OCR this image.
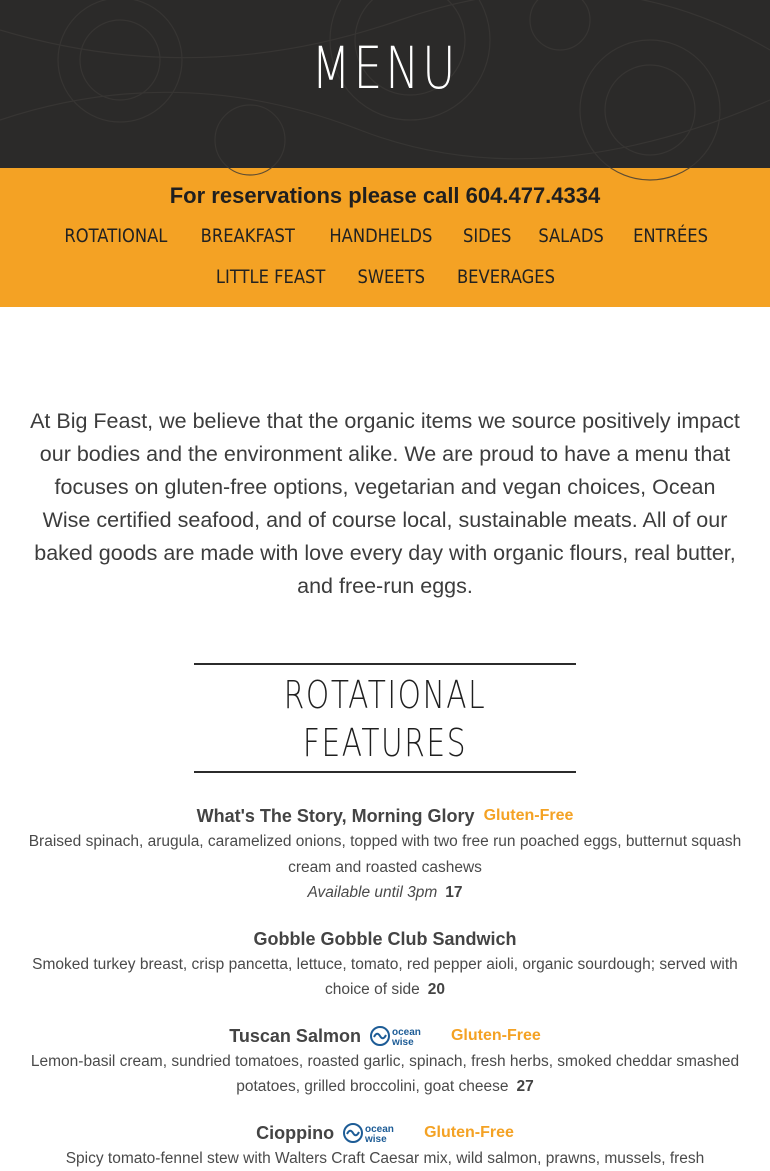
MENU
For reservations please call 604.477.4334
ROTATIONAL	BREAKFAST	HANDHELDS	SIDES	SALADS	ENTRÉES
LITTLE FEAST	SWEETS	BEVERAGES
At Big Feast, we believe that the organic items we source positively impact our bodies and the environment alike. We are proud to have a menu that focuses on gluten-free options, vegetarian and vegan choices, Ocean Wise certified seafood, and of course local, sustainable meats. All of our baked goods are made with love every day with organic flours, real butter, and free-run eggs.
ROTATIONAL FEATURES
What's The Story, Morning Glory Gluten-Free
Braised spinach, arugula, caramelized onions, topped with two free run poached eggs, butternut squash cream and roasted cashews
Available until 3pm 17
Gobble Gobble Club Sandwich
Smoked turkey breast, crisp pancetta, lettuce, tomato, red pepper aioli, organic sourdough; served with choice of side 20
Tuscan Salmon	ocean
wise Gluten-Free
Lemon-basil cream, sundried tomatoes, roasted garlic, spinach, fresh herbs, smoked cheddar smashed potatoes, grilled broccolini, goat cheese 27
Cioppino	ocean
wise Gluten-Free
Spicy tomato-fennel stew with Walters Craft Caesar mix, wild salmon, prawns, mussels, fresh
